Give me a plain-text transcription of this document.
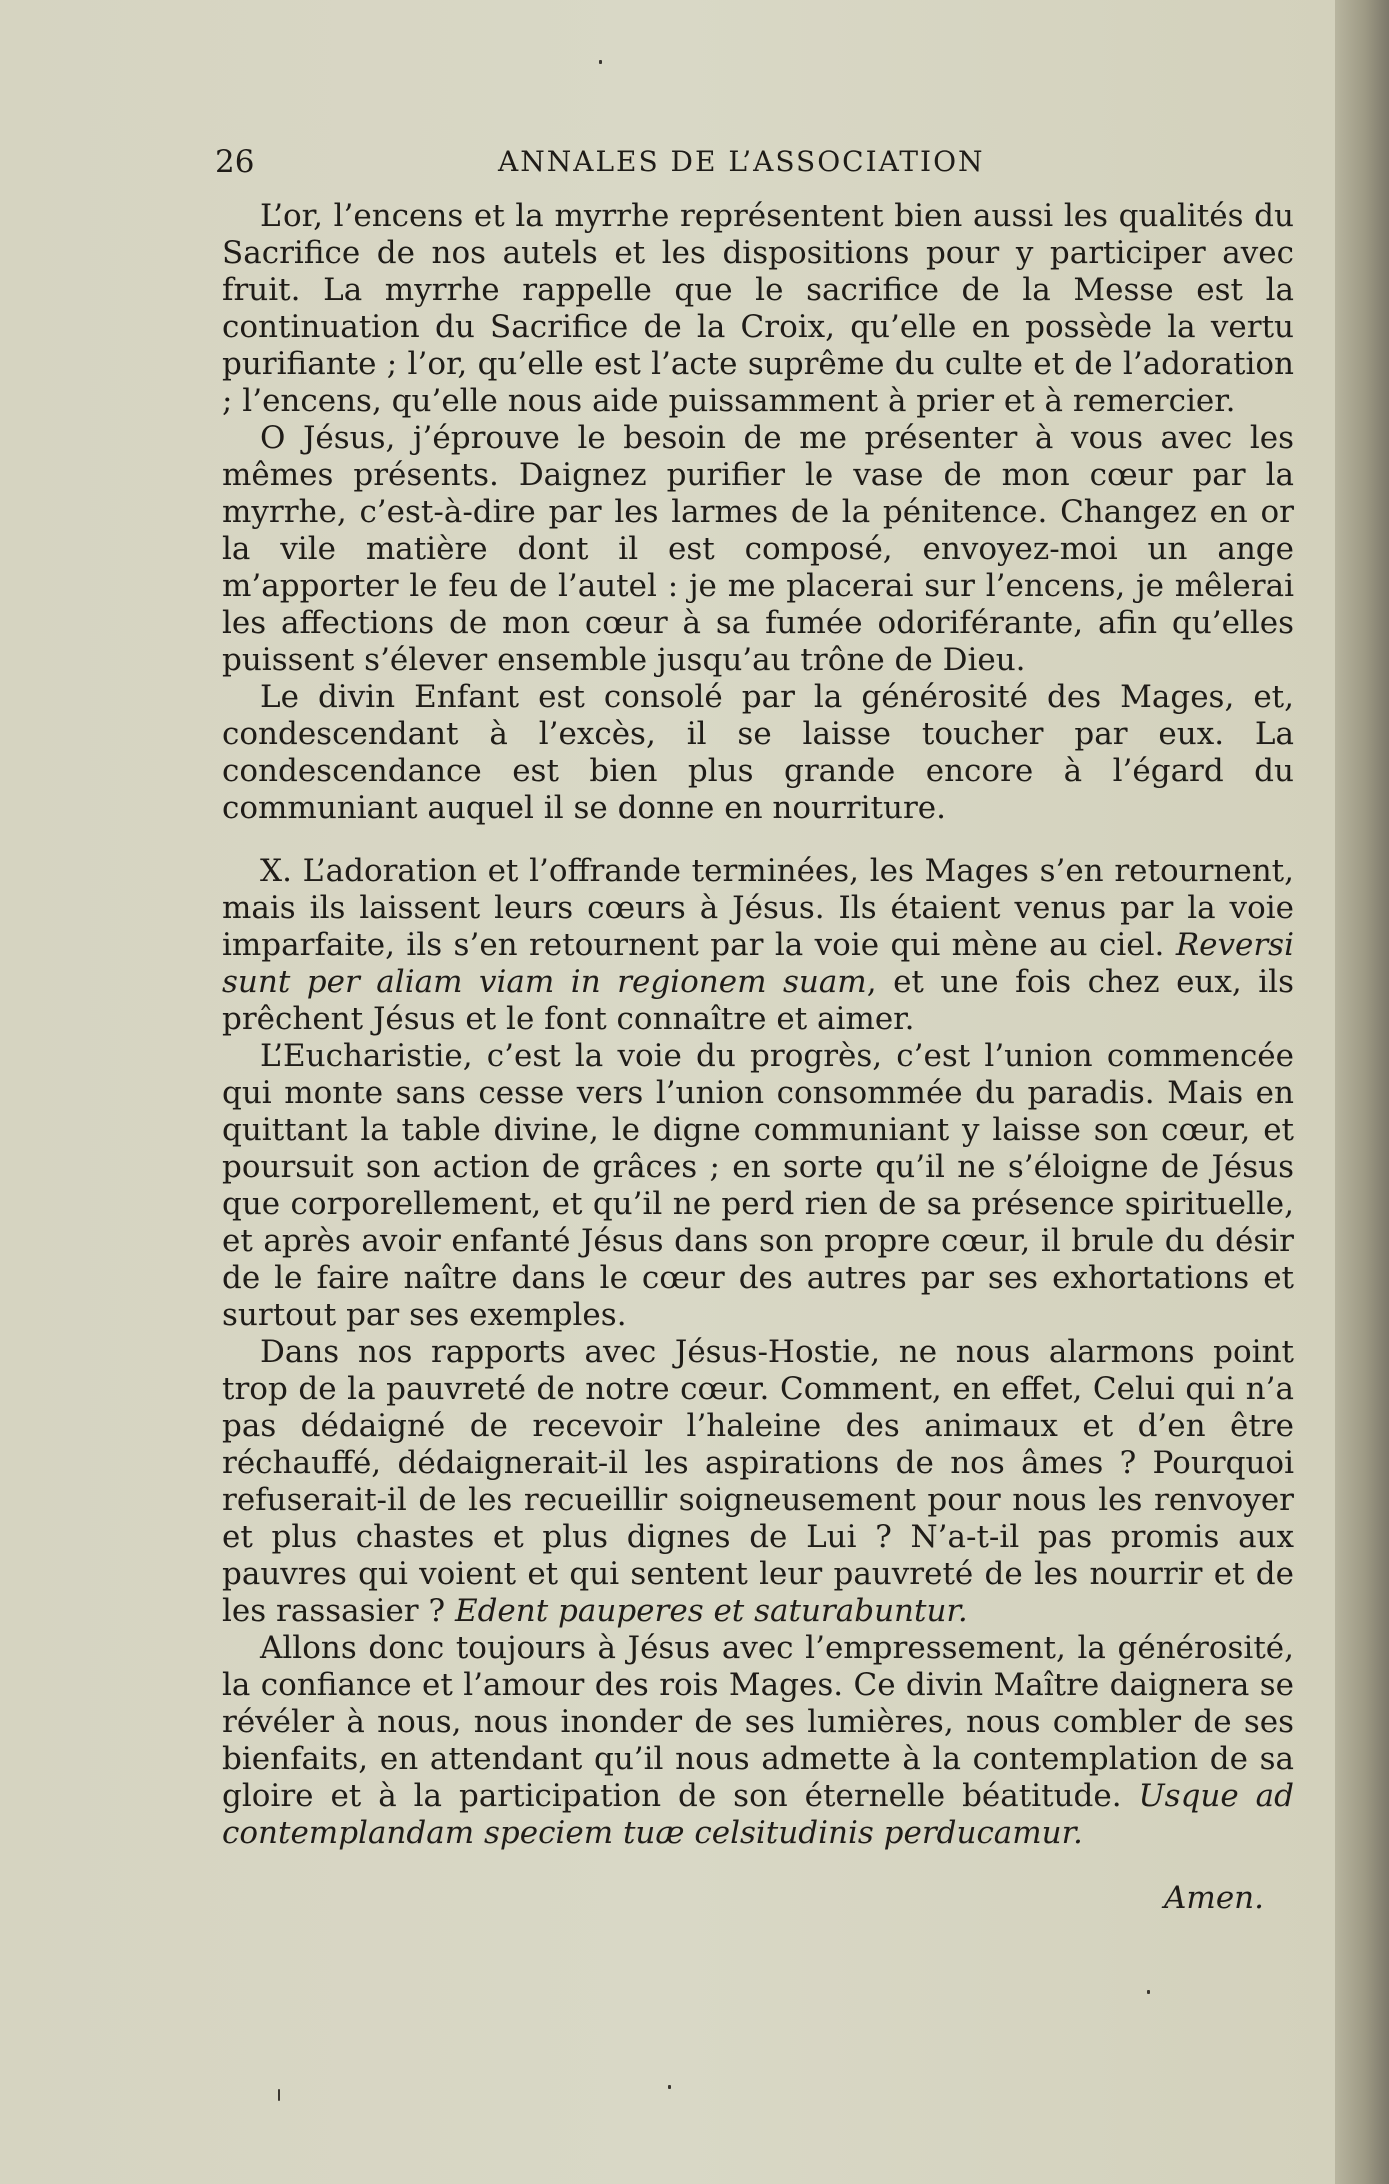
26	ANNALES DE L’ASSOCIATION

L’or, l’encens et la myrrhe représentent bien aussi les qualités du Sacrifice de nos autels et les dispositions pour y participer avec fruit. La myrrhe rappelle que le sacrifice de la Messe est la continuation du Sacrifice de la Croix, qu’elle en possède la vertu purifiante ; l’or, qu’elle est l’acte suprême du culte et de l’adoration ; l’encens, qu’elle nous aide puissamment à prier et à remercier.

O Jésus, j’éprouve le besoin de me présenter à vous avec les mêmes présents. Daignez purifier le vase de mon cœur par la myrrhe, c’est-à-dire par les larmes de la pénitence. Changez en or la vile matière dont il est composé, envoyez-moi un ange m’apporter le feu de l’autel : je me placerai sur l’encens, je mêlerai les affections de mon cœur à sa fumée odoriférante, afin qu’elles puissent s’élever ensemble jusqu’au trône de Dieu.

Le divin Enfant est consolé par la générosité des Mages, et, condescendant à l’excès, il se laisse toucher par eux. La condescendance est bien plus grande encore à l’égard du communiant auquel il se donne en nourriture.

X. L’adoration et l’offrande terminées, les Mages s’en retournent, mais ils laissent leurs cœurs à Jésus. Ils étaient venus par la voie imparfaite, ils s’en retournent par la voie qui mène au ciel. Reversi sunt per aliam viam in regionem suam, et une fois chez eux, ils prêchent Jésus et le font connaître et aimer.

L’Eucharistie, c’est la voie du progrès, c’est l’union commencée qui monte sans cesse vers l’union consommée du paradis. Mais en quittant la table divine, le digne communiant y laisse son cœur, et poursuit son action de grâces ; en sorte qu’il ne s’éloigne de Jésus que corporellement, et qu’il ne perd rien de sa présence spirituelle, et après avoir enfanté Jésus dans son propre cœur, il brule du désir de le faire naître dans le cœur des autres par ses exhortations et surtout par ses exemples.

Dans nos rapports avec Jésus-Hostie, ne nous alarmons point trop de la pauvreté de notre cœur. Comment, en effet, Celui qui n’a pas dédaigné de recevoir l’haleine des animaux et d’en être réchauffé, dédaignerait-il les aspirations de nos âmes ? Pourquoi refuserait-il de les recueillir soigneusement pour nous les renvoyer et plus chastes et plus dignes de Lui ? N’a-t-il pas promis aux pauvres qui voient et qui sentent leur pauvreté de les nourrir et de les rassasier ? Edent pauperes et saturabuntur.

Allons donc toujours à Jésus avec l’empressement, la générosité, la confiance et l’amour des rois Mages. Ce divin Maître daignera se révéler à nous, nous inonder de ses lumières, nous combler de ses bienfaits, en attendant qu’il nous admette à la contemplation de sa gloire et à la participation de son éternelle béatitude. Usque ad contemplandam speciem tuæ celsitudinis perducamur.

Amen.
